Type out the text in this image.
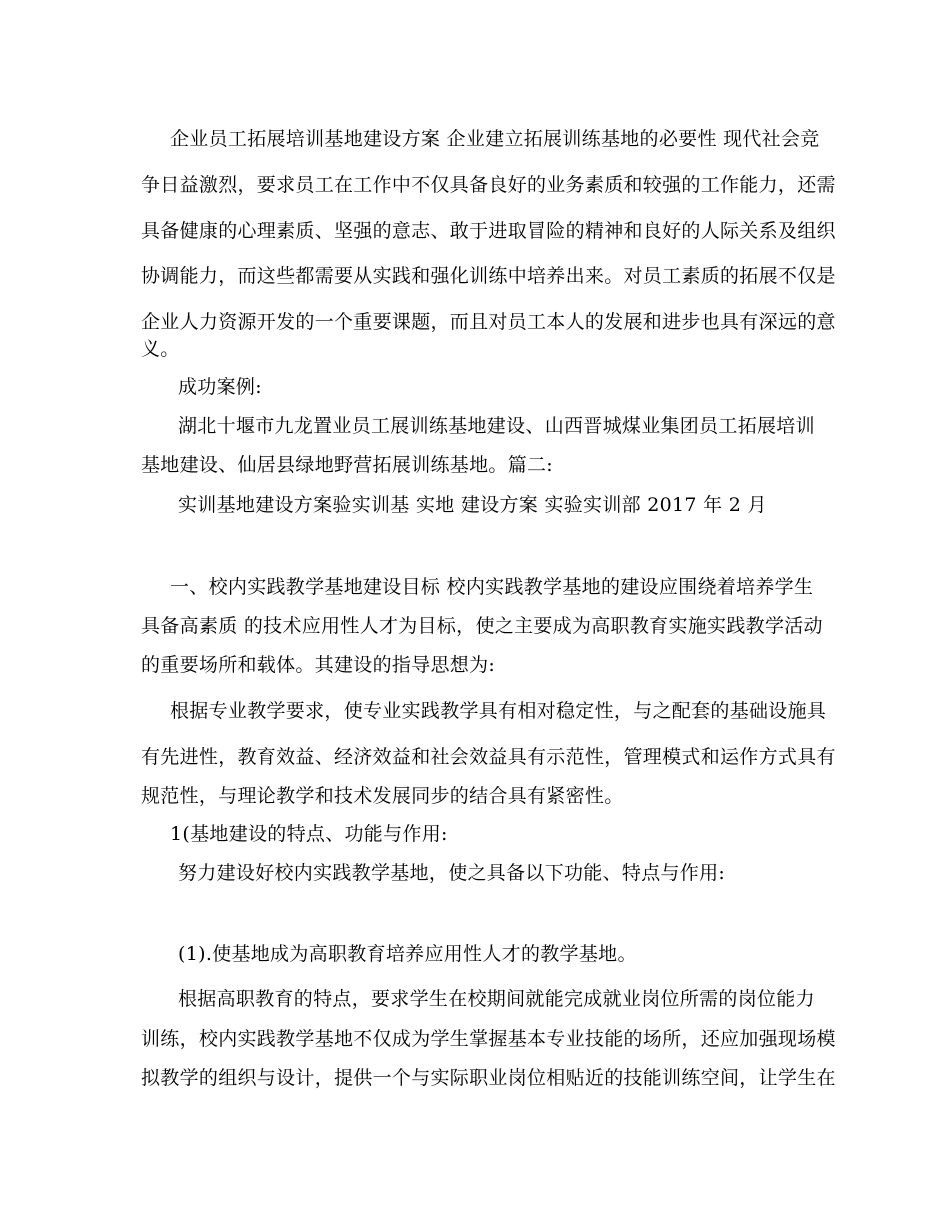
企业员工拓展培训基地建设方案 企业建立拓展训练基地的必要性 现代社会竞

争日益激烈，要求员工在工作中不仅具备良好的业务素质和较强的工作能力，还需

具备健康的心理素质、坚强的意志、敢于进取冒险的精神和良好的人际关系及组织

协调能力，而这些都需要从实践和强化训练中培养出来。对员工素质的拓展不仅是

企业人力资源开发的一个重要课题，而且对员工本人的发展和进步也具有深远的意

义。

成功案例:

湖北十堰市九龙置业员工展训练基地建设、山西晋城煤业集团员工拓展培训

基地建设、仙居县绿地野营拓展训练基地。篇二:

实训基地建设方案验实训基 实地 建设方案 实验实训部 2017 年 2 月

一、校内实践教学基地建设目标 校内实践教学基地的建设应围绕着培养学生

具备高素质 的技术应用性人才为目标，使之主要成为高职教育实施实践教学活动

的重要场所和载体。其建设的指导思想为:

根据专业教学要求，使专业实践教学具有相对稳定性，与之配套的基础设施具

有先进性，教育效益、经济效益和社会效益具有示范性，管理模式和运作方式具有

规范性，与理论教学和技术发展同步的结合具有紧密性。

1(基地建设的特点、功能与作用:

努力建设好校内实践教学基地，使之具备以下功能、特点与作用:

(1).使基地成为高职教育培养应用性人才的教学基地。

根据高职教育的特点，要求学生在校期间就能完成就业岗位所需的岗位能力

训练，校内实践教学基地不仅成为学生掌握基本专业技能的场所，还应加强现场模

拟教学的组织与设计，提供一个与实际职业岗位相贴近的技能训练空间，让学生在
